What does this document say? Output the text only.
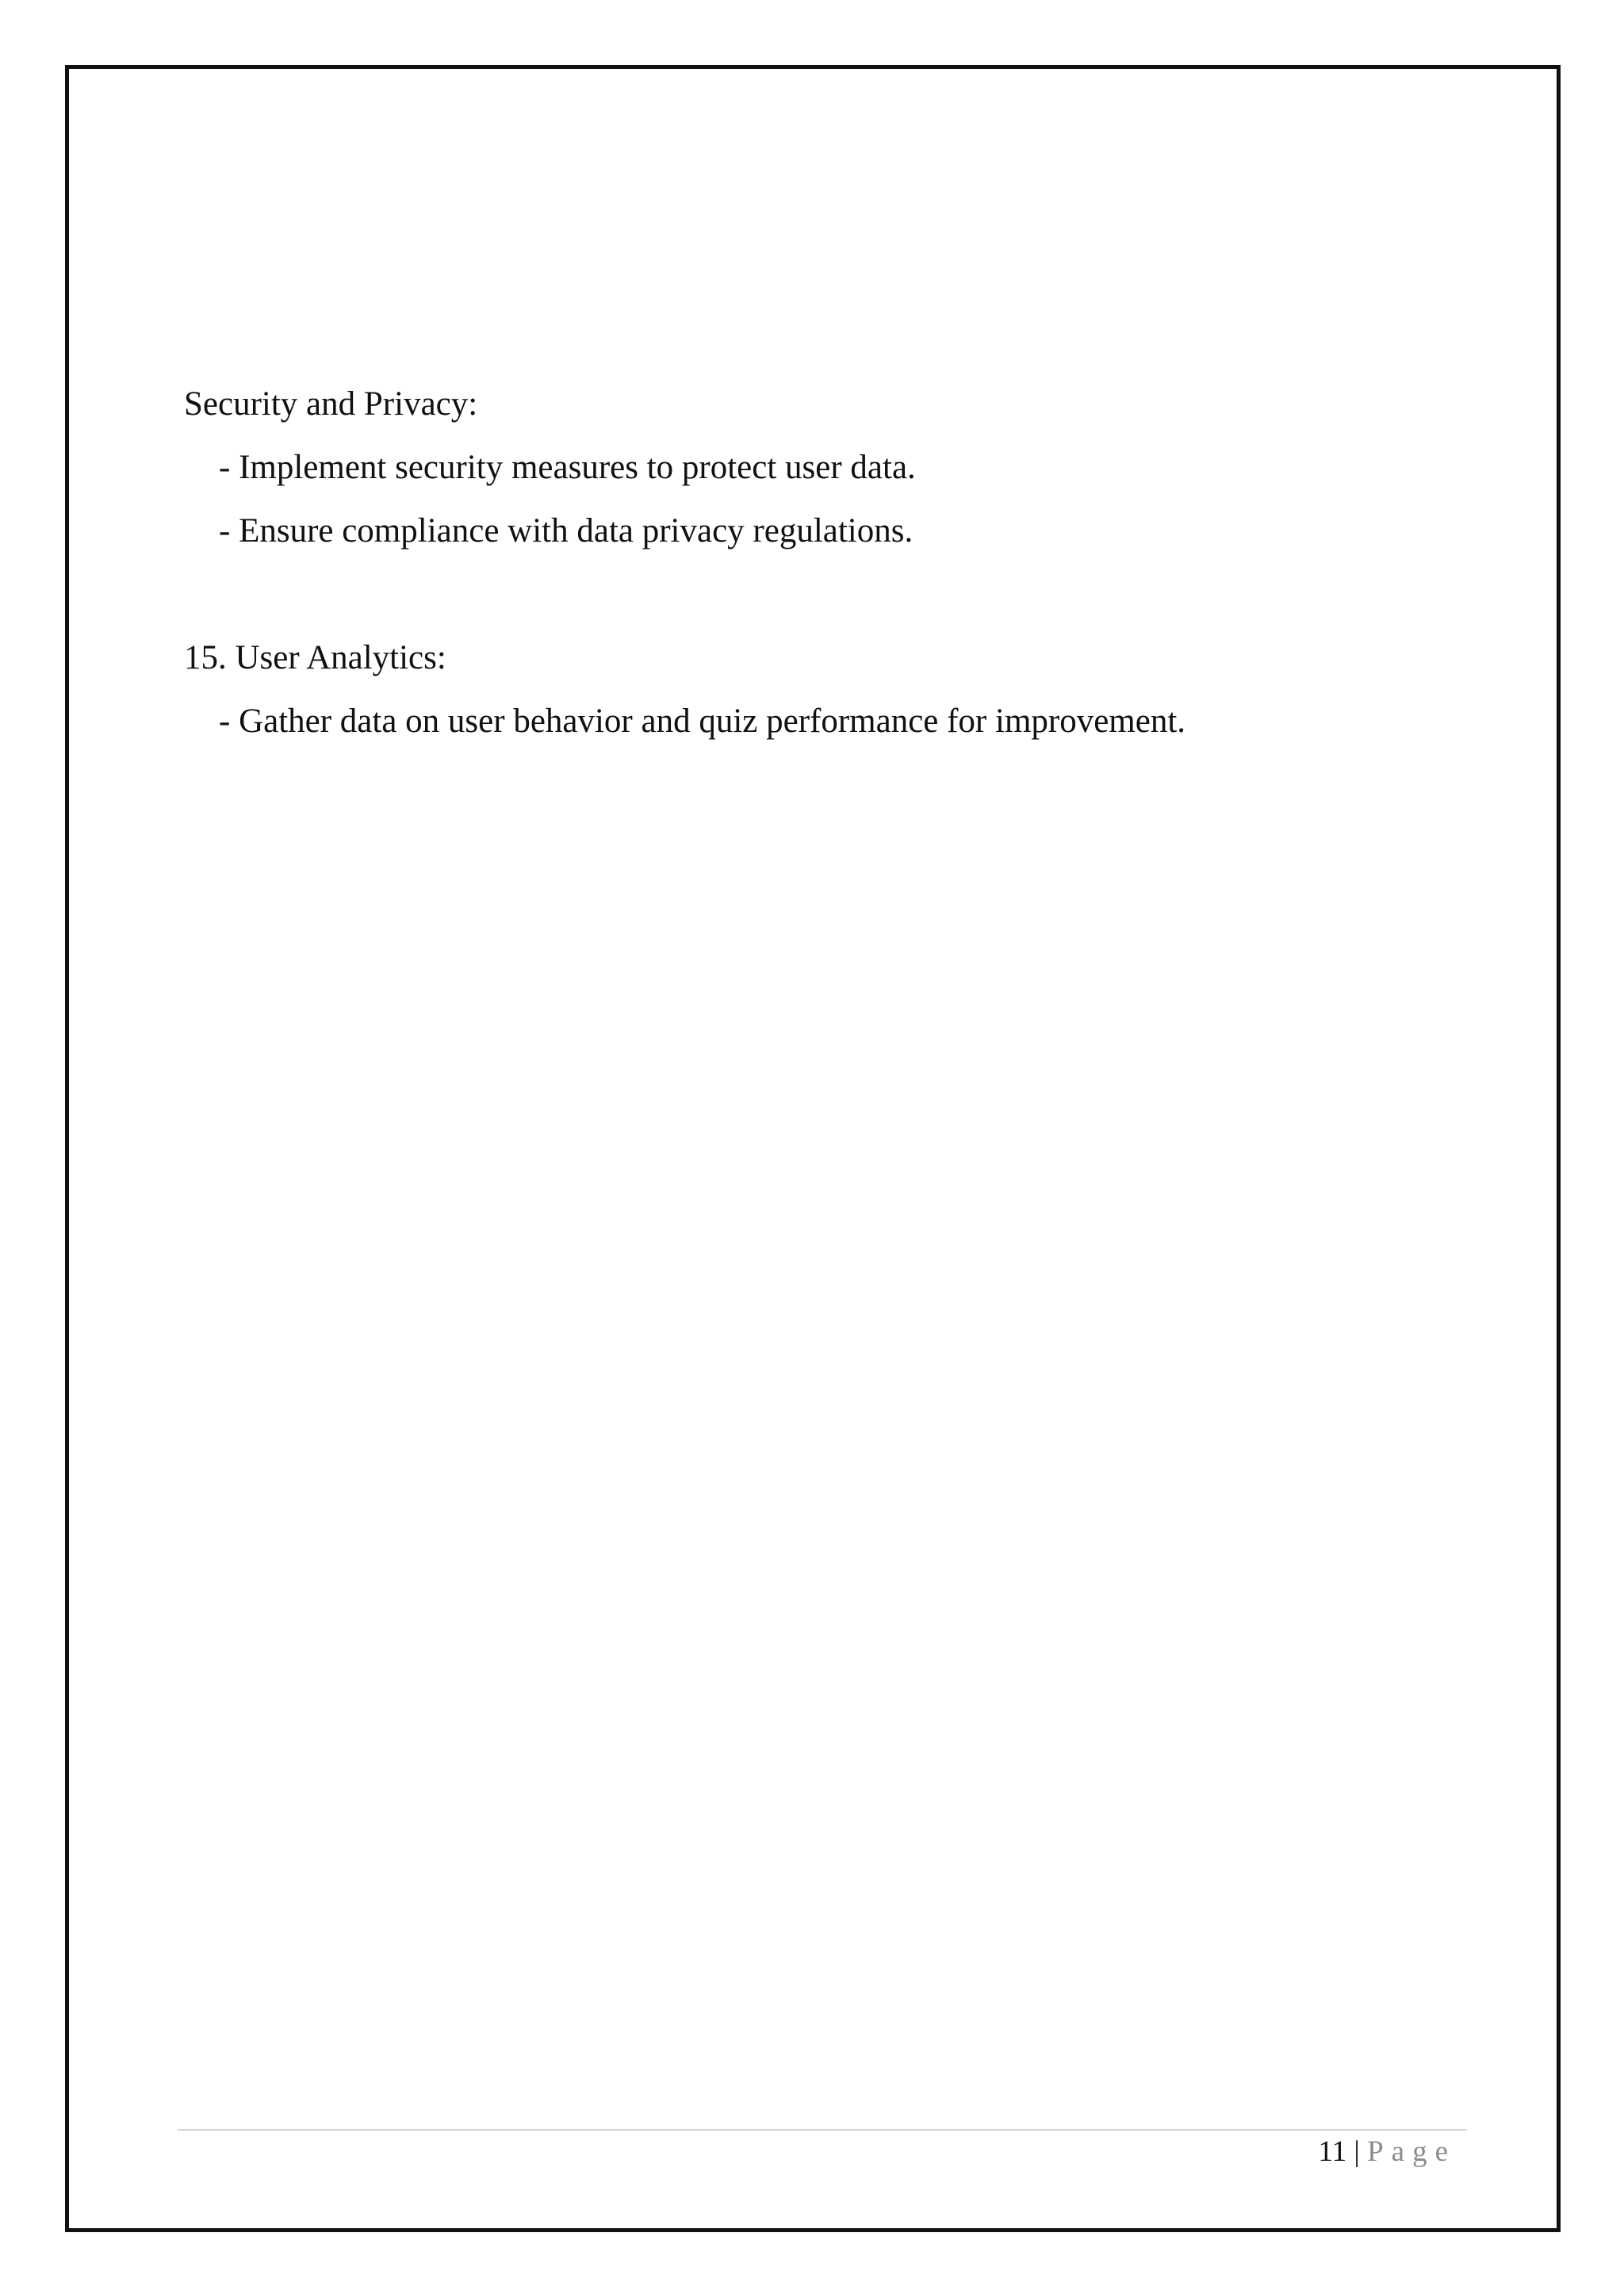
Security and Privacy:
- Implement security measures to protect user data.
- Ensure compliance with data privacy regulations.
15. User Analytics:
- Gather data on user behavior and quiz performance for improvement.
11 | Page
